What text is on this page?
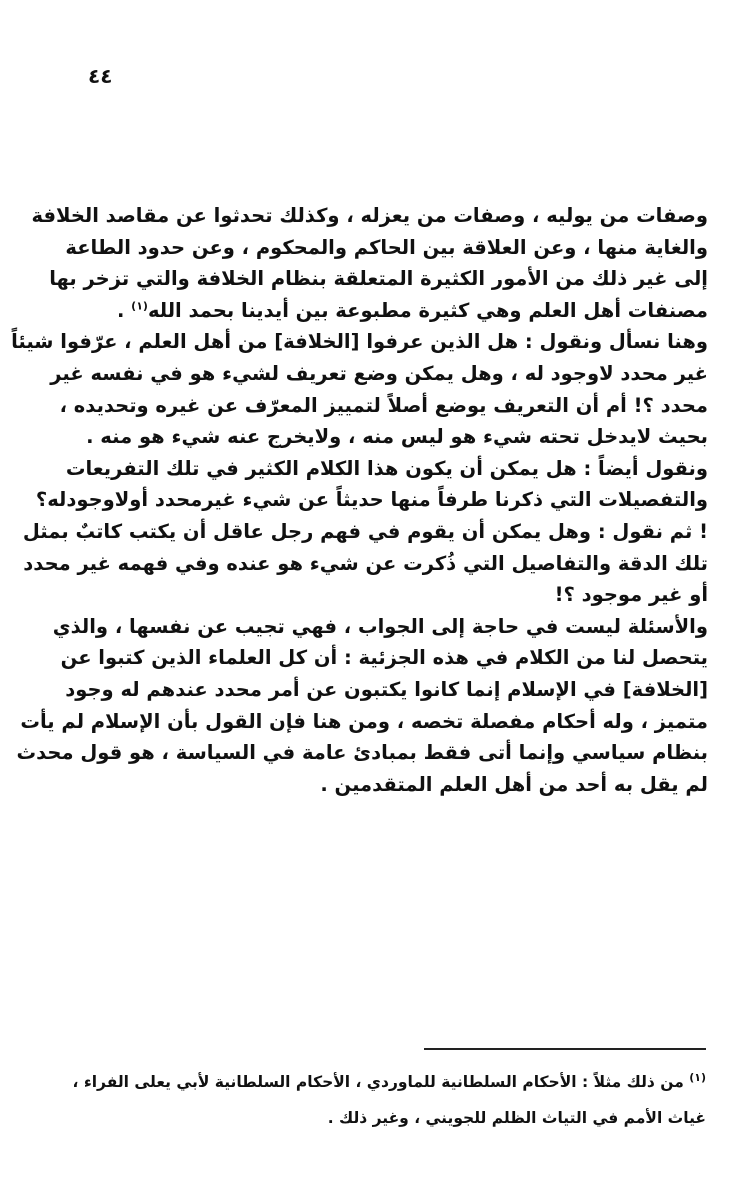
٤٤
وصفات من يوليه ، وصفات من يعزله ، وكذلك تحدثوا عن مقاصد الخلافة
والغاية منها ، وعن العلاقة بين الحاكم والمحكوم ، وعن حدود الطاعة
إلى غير ذلك من الأمور الكثيرة المتعلقة بنظام الخلافة والتي تزخر بها
مصنفات أهل العلم وهي كثيرة مطبوعة بين أيدينا بحمد الله$^{(١)}$ .
وهنا نسأل ونقول : هل الذين عرفوا [الخلافة] من أهل العلم ، عرّفوا شيئاً
غير محدد لاوجود له ، وهل يمكن وضع تعريف لشيء هو في نفسه غير
محدد ؟! أم أن التعريف يوضع أصلاً لتمييز المعرّف عن غيره وتحديده ،
بحيث لايدخل تحته شيء هو ليس منه ، ولايخرج عنه شيء هو منه .
ونقول أيضاً : هل يمكن أن يكون هذا الكلام الكثير في تلك التفريعات
والتفصيلات التي ذكرنا طرفاً منها حديثاً عن شيء غيرمحدد أولاوجودله؟
! ثم نقول : وهل يمكن أن يقوم في فهم رجل عاقل أن يكتب كاتبٌ بمثل
تلك الدقة والتفاصيل التي ذُكرت عن شيء هو عنده وفي فهمه غير محدد
أو غير موجود ؟!
والأسئلة ليست في حاجة إلى الجواب ، فهي تجيب عن نفسها ، والذي
يتحصل لنا من الكلام في هذه الجزئية : أن كل العلماء الذين كتبوا عن
[الخلافة] في الإسلام إنما كانوا يكتبون عن أمر محدد عندهم له وجود
متميز ، وله أحكام مفصلة تخصه ، ومن هنا فإن القول بأن الإسلام لم يأت
بنظام سياسي وإنما أتى فقط بمبادئ عامة في السياسة ، هو قول محدث
لم يقل به أحد من أهل العلم المتقدمين .
$^{(١)}$ من ذلك مثلاً : الأحكام السلطانية للماوردي ، الأحكام السلطانية لأبي يعلى الفراء ،
غياث الأمم في التياث الظلم للجويني ، وغير ذلك .
